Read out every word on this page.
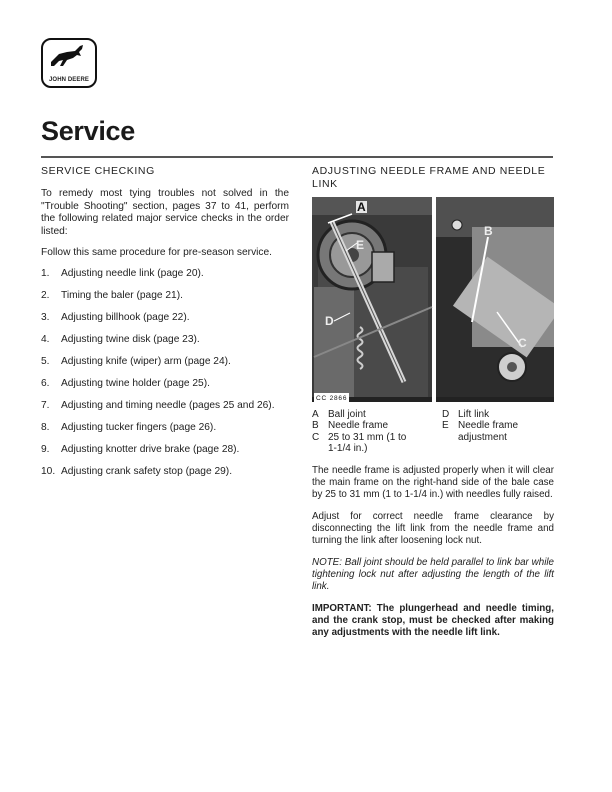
JOHN DEERE
Service
SERVICE CHECKING

To remedy most tying troubles not solved in the "Trouble Shooting" section, pages 37 to 41, perform the following related major service checks in the order listed:

Follow this same procedure for pre-season service.

1.	Adjusting needle link (page 20).
2.	Timing the baler (page 21).
3.	Adjusting billhook (page 22).
4.	Adjusting twine disk (page 23).
5.	Adjusting knife (wiper) arm (page 24).
6.	Adjusting twine holder (page 25).
7.	Adjusting and timing needle (pages 25 and 26).
8.	Adjusting tucker fingers (page 26).
9.	Adjusting knotter drive brake (page 28).
10. Adjusting crank safety stop (page 29).
ADJUSTING NEEDLE FRAME AND NEEDLE LINK
A
E
D
B
C
CC 2866
A Ball joint
B Needle frame
C 25 to 31 mm (1 to 1-1/4 in.)
D Lift link
E Needle frame adjustment

The needle frame is adjusted properly when it will clear the main frame on the right-hand side of the bale case by 25 to 31 mm (1 to 1-1/4 in.) with needles fully raised.

Adjust for correct needle frame clearance by disconnecting the lift link from the needle frame and turning the link after loosening lock nut.

NOTE: Ball joint should be held parallel to link bar while tightening lock nut after adjusting the length of the lift link.

IMPORTANT: The plungerhead and needle timing, and the crank stop, must be checked after making any adjustments with the needle lift link.
